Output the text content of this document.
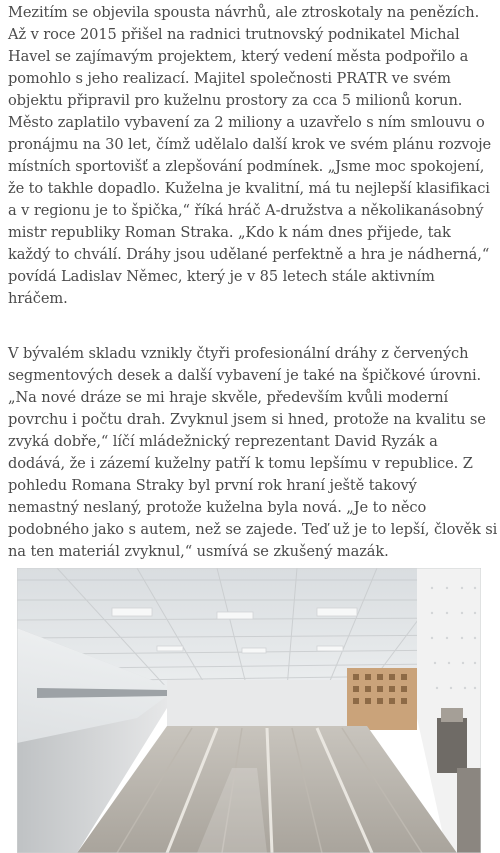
Mezitím se objevila spousta návrhů, ale ztroskotaly na penězích.
Až v roce 2015 přišel na radnici trutnovský podnikatel Michal
Havel se zajímavým projektem, který vedení města podpořilo a
pomohlo s jeho realizací. Majitel společnosti PRATR ve svém
objektu připravil pro kuželnu prostory za cca 5 milionů korun.
Město zaplatilo vybavení za 2 miliony a uzavřelo s ním smlouvu o
pronájmu na 30 let, čímž udělalo další krok ve svém plánu rozvoje
místních sportovišť a zlepšování podmínek. „Jsme moc spokojení,
že to takhle dopadlo. Kuželna je kvalitní, má tu nejlepší klasifikaci
a v regionu je to špička,“ říká hráč A-družstva a několikanásobný
mistr republiky Roman Straka. „Kdo k nám dnes přijede, tak
každý to chválí. Dráhy jsou udělané perfektně a hra je nádherná,“
povídá Ladislav Němec, který je v 85 letech stále aktivním
hráčem.

V bývalém skladu vznikly čtyři profesionální dráhy z červených
segmentových desek a další vybavení je také na špičkové úrovni.
„Na nové dráze se mi hraje skvěle, především kvůli moderní
povrchu i počtu drah. Zvyknul jsem si hned, protože na kvalitu se
zvyká dobře,“ líčí mládežnický reprezentant David Ryzák a
dodává, že i zázemí kuželny patří k tomu lepšímu v republice. Z
pohledu Romana Straky byl první rok hraní ještě takový
nemastný neslaný, protože kuželna byla nová. „Je to něco
podobného jako s autem, než se zajede. Teď už je to lepší, člověk si
na ten materiál zvyknul,“ usmívá se zkušený mazák.
